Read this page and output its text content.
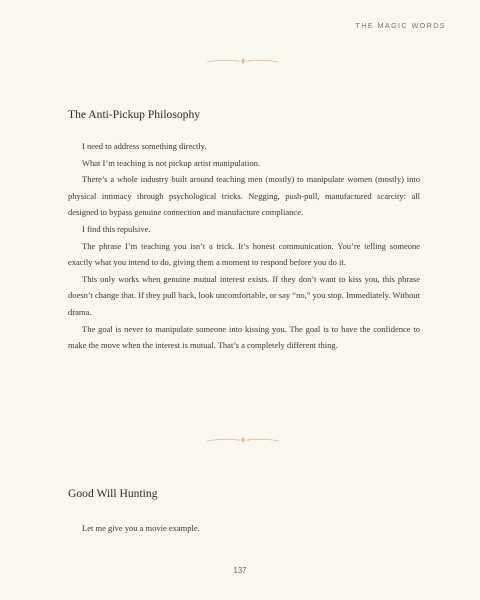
THE MAGIC WORDS
The Anti-Pickup Philosophy

I need to address something directly.

What I’m teaching is not pickup artist manipulation.

There’s a whole industry built around teaching men (mostly) to manipulate women (mostly) into physical intimacy through psychological tricks. Negging, push-pull, manufactured scarcity: all designed to bypass genuine connection and manufacture compliance.

I find this repulsive.

The phrase I’m teaching you isn’t a trick. It’s honest communication. You’re telling someone exactly what you intend to do, giving them a moment to respond before you do it.

This only works when genuine mutual interest exists. If they don’t want to kiss you, this phrase doesn’t change that. If they pull back, look uncomfortable, or say “no,” you stop. Immediately. Without drama.

The goal is never to manipulate someone into kissing you. The goal is to have the confidence to make the move when the interest is mutual. That’s a completely different thing.

Good Will Hunting

Let me give you a movie example.

137
